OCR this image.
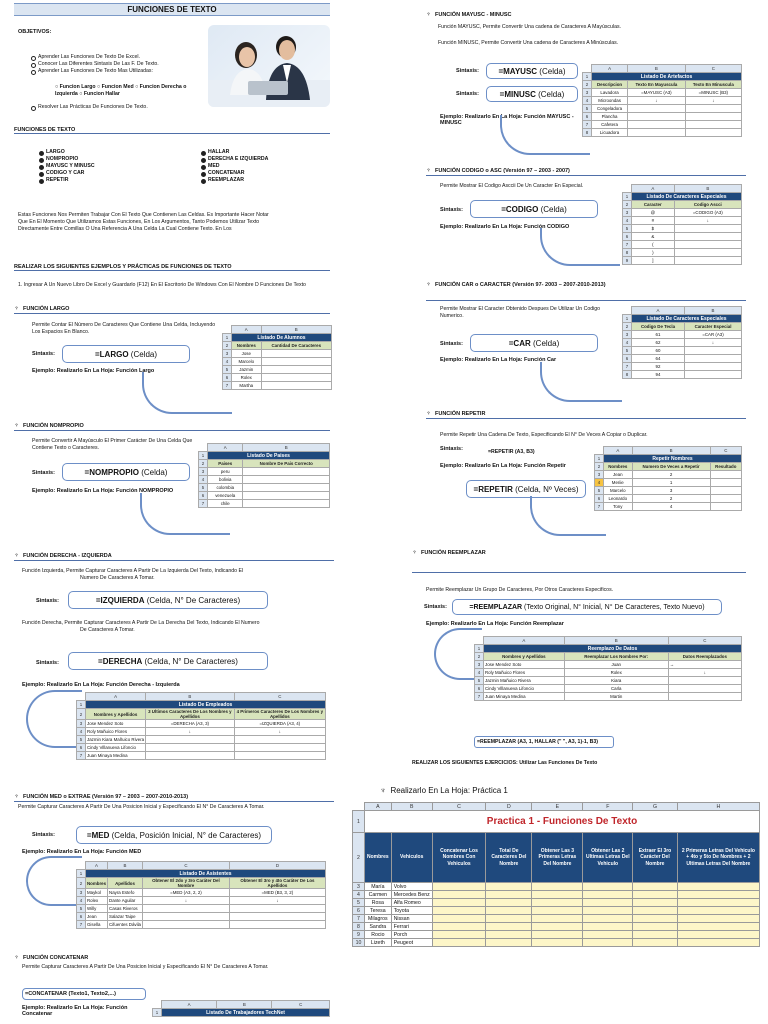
FUNCIONES DE TEXTO
OBJETIVOS:
Aprender Las Funciones De Texto De Excel.
Conocer Las Diferentes Sintaxis De Las F. De Texto.
Aprender Las Funciones De Texto Mas Utilizadas:
○ Funcion Largo ○ Funcion Med ○ Funcion Derecha o Izquierda ○ Funcion Hallar
Resolver Las Prácticas De Funciones De Texto.
FUNCIONES DE TEXTO
LARGO
NOMPROPIO
MAYUSC Y MINUSC
CODIGO Y CAR
REPETIR
HALLAR
DERECHA E IZQUIERDA
MED
CONCATENAR
REEMPLAZAR
Estas Funciones Nos Permiten Trabajar Con El Texto Que Contienen Las Celdas. Es Importante Hacer Notar
Que En El Momento Que Utilizamos Estas Funciones, En Los Argumentos, Tanto Podemos Utilizar Texto
Directamente Entre Comillas O Una Referencia A Una Celda La Cual Contiene Texto. En Los
REALIZAR LOS SIGUIENTES EJEMPLOS Y PRÁCTICAS DE FUNCIONES DE TEXTO
1. Ingresar A Un Nuevo Libro De Excel y Guardarlo (F12) En El Escritorio De Windows Con El Nombre D Funciones De Texto
♆ FUNCIÓN LARGO
Permite Contar El Número De Caracteres Que Contiene Una Celda, Incluyendo Los Espacios En Blanco.
Sintaxis:	=LARGO
(Celda)
Ejemplo: Realizarlo En La Hoja: Función Largo
	A	B
1	Listado De Alumnos	
2	Nombres	Cantidad De Caracteres
3	Jose	
4	Marcelo	
5	Jazmin	
6	Rolex	
7	Martha	
♆ FUNCIÓN NOMPROPIO
Permite Convertir A Mayúsculo El Primer Carácter De Una Celda Que Contiene Texto o Caracteres.
Sintaxis:	=NOMPROPIO
(Celda)
Ejemplo: Realizarlo En La Hoja: Función NOMPROPIO
	A	B
1	Listado De Paises	
2	Paises	Nombre De Pais Correcto
3	peru	
4	bolivia	
5	colombia	
6	venezuela	
7	chile	
♆ FUNCIÓN DERECHA - IZQUIERDA
Función Izquierda, Permite Capturar Caracteres A Partir De La Izquierda Del Texto, Indicando El
Numero De Caracteres A Tomar.
Sintaxis:	=IZQUIERDA
(Celda, N° De Caracteres)
Función Derecha, Permite Capturar Caracteres A Partir De La Derecha Del Texto, Indicando El Numero
De Caracteres A Tomar.
Sintaxis:	=DERECHA
(Celda, N° De Caracteres)
Ejemplo: Realizarlo En La Hoja: Función Derecha - Izquierda
	A	B	C
1	Listado De Empleados		
2	Nombres y Apellidos	3 Ultimos Caracteres De Los Nombres y Apellidos	4 Primeros Caracteres De Los Nombres y Apellidos
3	Jose Mendez Soto	=DERECHA (A3, 3)	=IZQUIERDA (A3, 4)
4	Roly Mañuico Flores	↓	↓
5	Jazmin Kiara Mañuico Rivera		
6	Cindy Villanueva Lifoncio		
7	Juan Minaya Medina		
♆ FUNCIÓN MED o EXTRAE (Versión 97 – 2003 – 2007-2010-2013)
Permite Capturar Caracteres A Partir De Una Posicion Inicial y Especificando El N° De Caracteres A Tomar.
Sintaxis:	=MED
(Celda, Posición Inicial, N° de Caracteres)
Ejemplo: Realizarlo En La Hoja: Función MED
	A	B	C	D
1	Listado De Asistentes			
2	Nombres	Apellidos	Obtener El 2do y 3ro Caráter Del Nombre	Obtener El 3ro y 4to Caráter De Los Apellidos
3	Maykol	Nayra Estefo	=MED (A3, 2, 2)	=MED (B3, 3, 2)
4	Rolex	Dante Aguilar	↓	↓
5	Willy	Casas Riveros		
6	Jean	Salazar Taipe		
7	Gisella	Cifuentes Dávila		
♆ FUNCIÓN CONCATENAR
Permite Capturar Caracteres A Partir De Una Posicion Inicial y Especificando El N° De Caracteres A Tomar.
=CONCATENAR (Texto1, Texto2,...)
Ejemplo: Realizarlo En La Hoja: Función Concatenar
	A	B	C
1	Listado De Trabajadores TechNet		
♆ FUNCIÓN MAYUSC - MINUSC
Función MAYUSC, Permite Convertir Una cadena de Caracteres A Mayúsculas.
Función MINUSC, Permite Convertir Una cadena de Caracteres A Minúsculas.
Sintaxis: =MAYUSC
(Celda)
Sintaxis:	=MINUSC
(Celda)
Ejemplo: Realizarlo En La Hoja: Función MAYUSC - MINUSC
	A	B	C
1	Listado De Artefactos		
2	Descripcion	Texto En Mayuscula	Texto En Minuscula
3	Lavadora	=MAYUSC (A3)	=MINUSC (B3)
4	Microondas	↓	↓
5	Congeladora		
6	Plancha		
7	Cafetera		
8	Licuadora		
♆ FUNCIÓN CODIGO o ASC (Versión 97 – 2003 - 2007)
Permite Mostrar El Codigo Asccii De Un Caracter En Especial.
Sintaxis:	=CODIGO
(Celda)
Ejemplo: Realizarlo En La Hoja: Función CODIGO
	A	B
1	Listado De Caracteres Especiales	
2	Caracter	Codigo Ascci
3	@	=CODIGO (A3)
4	#	↓
5	$	
6	&	
7	(	
8	)	
9	]	
♆ FUNCIÓN CAR o CARACTER (Versión 97- 2003 – 2007-2010-2013)
Permite Mostrar El Caracter Obtenido Despues De Utilizar Un Codigo Numerico.
Sintaxis:	=CAR
(Celda)
Ejemplo: Realizarlo En La Hoja: Función Car
	A	B
1	Listado De Caracteres Especiales	
2	Codigo De Tecla	Caracter Especial
3	61	=CAR (A3)
4	62	↓
5	60	
6	64	
7	92	
8	94	
♆ FUNCIÓN REPETIR
Permite Repetir Una Cadena De Texto, Especificando El N° De Veces A Copiar o Duplicar.
Sintaxis:	=REPETIR (A3, B3)
Ejemplo: Realizarlo En La Hoja: Función Repetir
=REPETIR
(Celda, Nº Veces)
	A	B	C
1	Repetir Nombres		
2	Nombres	Numero De Veces a Repetir	Resultado
3	Jean	2	
4	Meriie	1	
5	Marcelo	3	
6	Leonardo	2	
7	Tony	4	
♆ FUNCIÓN REEMPLAZAR
Permite Reemplazar Un Grupo De Caracteres, Por Otros Caracteres Especificos.
Sintaxis:	=REEMPLAZAR
(Texto Original, N° Inicial, N° De Caracteres, Texto Nuevo)
Ejemplo: Realizarlo En La Hoja: Función Reemplazar
	A	B	C
1	Reemplazo De Datos		
2	Nombres y Apellidos	Reemplazar Los Nombres Por:	Datos Reemplazados
3	Jose Mendez Soto	Juan	→
4	Roly Mañuico Flores	Rolex	↓
5	Jazmin Mañuico Rivera	Kiara	
6	Cindy Villanueva Lifoncio	Carla	
7	Juan Minaya Medina	Martin	
=REEMPLAZAR (A3, 1, HALLAR (" ", A3, 1)-1, B3)
REALIZAR LOS SIGUIENTES EJERCICIOS: Utilizar Las Funciones De Texto
♆ Realizarlo En La Hoja: Práctica 1
	A	B	C	D	E	F	G	H
1	Practica 1 - Funciones De Texto							
2	Nombres	Vehiculos	Concatenar Los Nombres Con Vehiculos	Total De Caracteres Del Nombre	Obtener Las 3 Primeras Letras Del Nombre	Obtener Las 2 Ultimas Letras Del Vehiculo	Extraer El 3ro Carácter Del Nombre	2 Primeras Letras Del Vehiculo + 4to y 5to De Nombres + 2 Ultimas Letras Del Nombre
3	María	Volvo						
4	Carmen	Mercedes Benz						
5	Rosa	Alfa Romeo						
6	Teresa	Toyota						
7	Milagros	Nissan						
8	Sandra	Ferrari						
9	Rocio	Porch						
10	Lizeth	Peugeot						
